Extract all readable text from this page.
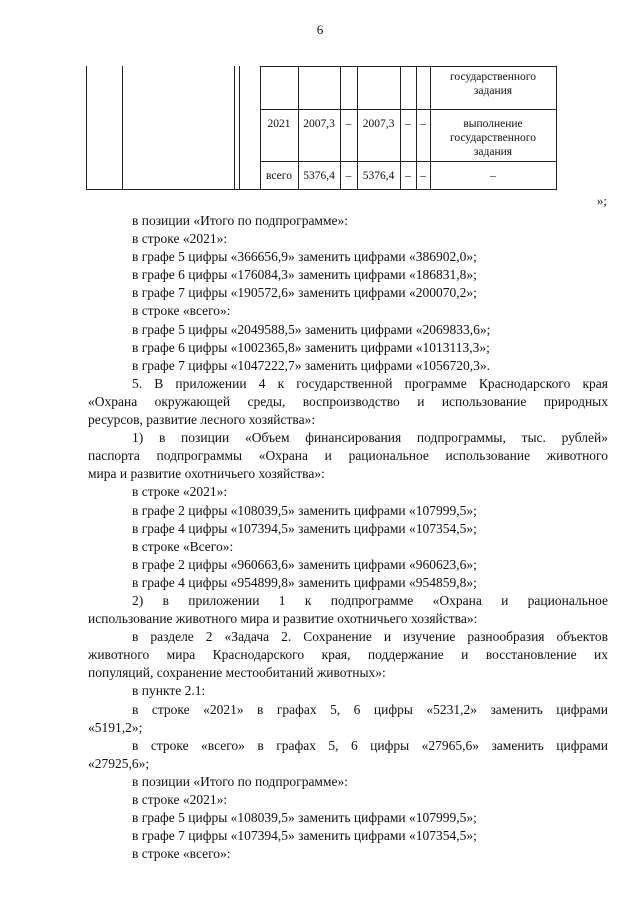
6
государственного задания
2021	2007,3 – 2007,3 – –	выполнение государственного задания
всего 5376,4 – 5376,4 – –	–
»;
в позиции «Итого по подпрограмме»:
в строке «2021»:
в графе 5 цифры «366656,9» заменить цифрами «386902,0»;
в графе 6 цифры «176084,3» заменить цифрами «186831,8»;
в графе 7 цифры «190572,6» заменить цифрами «200070,2»;
в строке «всего»:
в графе 5 цифры «2049588,5» заменить цифрами «2069833,6»;
в графе 6 цифры «1002365,8» заменить цифрами «1013113,3»;
в графе 7 цифры «1047222,7» заменить цифрами «1056720,3».
5. В приложении 4 к государственной программе Краснодарского края
«Охрана окружающей среды, воспроизводство и использование природных
ресурсов, развитие лесного хозяйства»:
1) в позиции «Объем финансирования подпрограммы, тыс. рублей»
паспорта подпрограммы «Охрана и рациональное использование животного
мира и развитие охотничьего хозяйства»:
в строке «2021»:
в графе 2 цифры «108039,5» заменить цифрами «107999,5»;
в графе 4 цифры «107394,5» заменить цифрами «107354,5»;
в строке «Всего»:
в графе 2 цифры «960663,6» заменить цифрами «960623,6»;
в графе 4 цифры «954899,8» заменить цифрами «954859,8»;
2) в приложении 1 к подпрограмме «Охрана и рациональное
использование животного мира и развитие охотничьего хозяйства»:
в разделе 2 «Задача 2. Сохранение и изучение разнообразия объектов
животного мира Краснодарского края, поддержание и восстановление их
популяций, сохранение местообитаний животных»:
в пункте 2.1:
в строке «2021» в графах 5, 6 цифры «5231,2» заменить цифрами
«5191,2»;
в строке «всего» в графах 5, 6 цифры «27965,6» заменить цифрами
«27925,6»;
в позиции «Итого по подпрограмме»:
в строке «2021»:
в графе 5 цифры «108039,5» заменить цифрами «107999,5»;
в графе 7 цифры «107394,5» заменить цифрами «107354,5»;
в строке «всего»:
